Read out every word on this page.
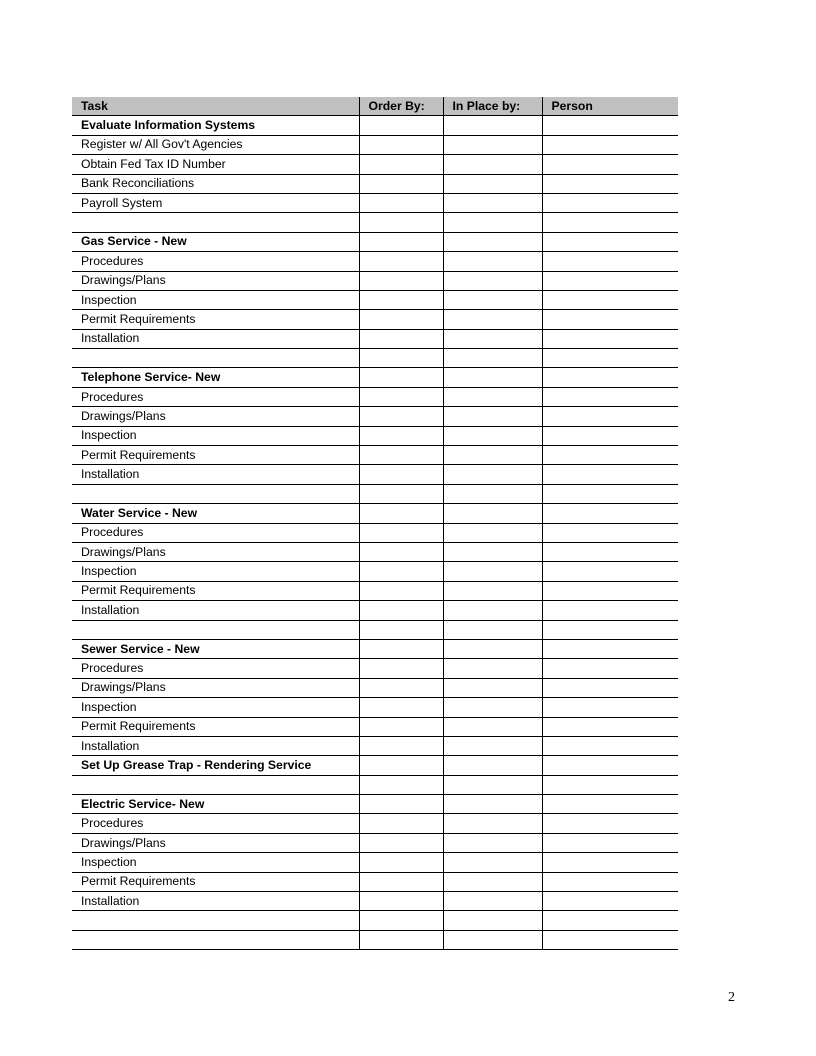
Task	Order By:	In Place by:	Person
Evaluate Information Systems			
Register w/ All Gov't Agencies			
Obtain Fed Tax ID Number			
Bank Reconciliations			
Payroll System			

Gas Service - New			
Procedures			
Drawings/Plans			
Inspection			
Permit Requirements			
Installation			

Telephone Service- New			
Procedures			
Drawings/Plans			
Inspection			
Permit Requirements			
Installation			

Water Service - New			
Procedures			
Drawings/Plans			
Inspection			
Permit Requirements			
Installation			

Sewer Service - New			
Procedures			
Drawings/Plans			
Inspection			
Permit Requirements			
Installation			
Set Up Grease Trap - Rendering Service			

Electric Service- New			
Procedures			
Drawings/Plans			
Inspection			
Permit Requirements			
Installation			

2
